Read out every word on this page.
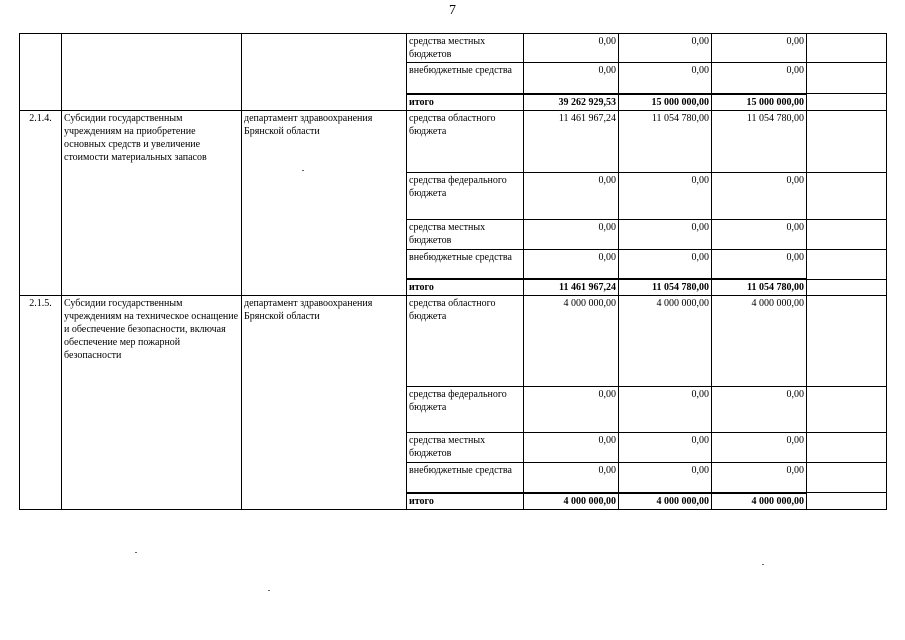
7
			средства местных бюджетов	0,00	0,00	0,00	
			внебюджетные средства	0,00	0,00	0,00	
			итого	39 262 929,53	15 000 000,00	15 000 000,00	
2.1.4.	Субсидии государственным учреждениям на приобретение основных средств и увеличение стоимости материальных запасов	департамент здравоохранения Брянской области	средства областного бюджета	11 461 967,24	11 054 780,00	11 054 780,00	
			средства федерального бюджета	0,00	0,00	0,00	
			средства местных бюджетов	0,00	0,00	0,00	
			внебюджетные средства	0,00	0,00	0,00	
			итого	11 461 967,24	11 054 780,00	11 054 780,00	
2.1.5.	Субсидии государственным учреждениям на техническое оснащение и обеспечение безопасности, включая обеспечение мер пожарной безопасности	департамент здравоохранения Брянской области	средства областного бюджета	4 000 000,00	4 000 000,00	4 000 000,00	
			средства федерального бюджета	0,00	0,00	0,00	
			средства местных бюджетов	0,00	0,00	0,00	
			внебюджетные средства	0,00	0,00	0,00	
			итого	4 000 000,00	4 000 000,00	4 000 000,00	
